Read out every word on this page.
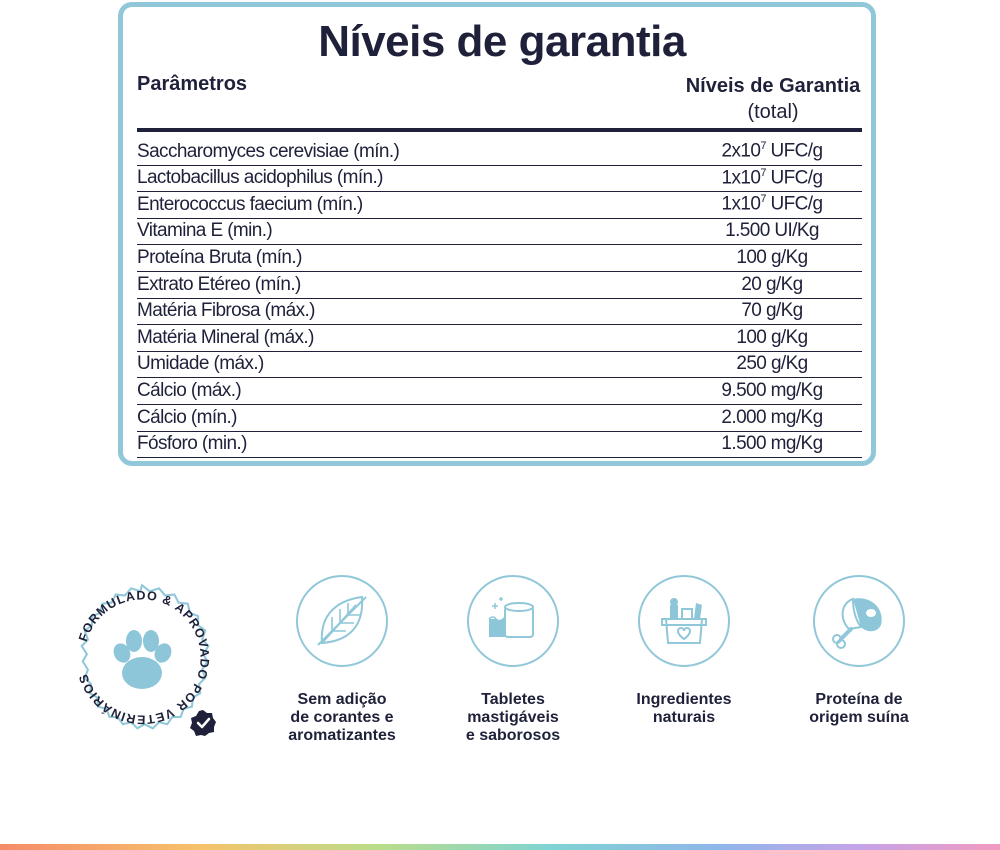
Níveis de garantia
Parâmetros	Níveis de Garantia
(total)
Saccharomyces cerevisiae (mín.)	$2x10^7$ UFC/g
Lactobacillus acidophilus (mín.)	$1x10^7$ UFC/g
Enterococcus faecium (mín.)	$1x10^7$ UFC/g
Vitamina E (min.)	1.500 UI/Kg
Proteína Bruta (mín.)	100 g/Kg
Extrato Etéreo (mín.)	20 g/Kg
Matéria Fibrosa (máx.)	70 g/Kg
Matéria Mineral (máx.)	100 g/Kg
Umidade (máx.)	250 g/Kg
Cálcio (máx.)	9.500 mg/Kg
Cálcio (mín.)	2.000 mg/Kg
Fósforo (min.)	1.500 mg/Kg
FORMULADO & APROVADO POR VETERINÁRIOS
Sem adição
de corantes e
aromatizantes
Tabletes
mastigáveis
e saborosos
Ingredientes
naturais
Proteína de
origem suína
